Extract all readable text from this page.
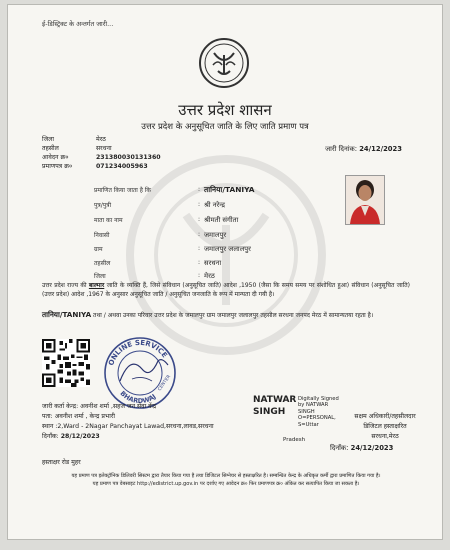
ई-डिस्ट्रिक्ट के अन्तर्गत जारी...
उत्तर प्रदेश शासन
उत्तर प्रदेश के अनुसूचित जाति के लिए जाति प्रमाण पत्र
जिला	मेरठ
तहसील	सरधना
आवेदन क्र०	231380030131360
प्रमाणपत्र क्र०	071234005963
जारी दिनांक: 24/12/2023
प्रमाणित किया जाता है कि	: तानिया/TANIYA
पुत्र/पुत्री	: श्री नरेन्द्र
माता का नाम	: श्रीमती संगीता
निवासी	: जमालपुर
ग्राम	: जमालपुर जलालपुर
तहसील	: सरधना
जिला	: मेरठ
उत्तर प्रदेश राज्य की बाल्मार जाति के व्यक्ति हैं, जिसे संविधान (अनुसूचित जाति) आदेश ,1950 (जैसा कि समय समय पर संशोधित हुआ) संविधान (अनुसूचित जाति) (उत्तर प्रदेश) आदेश ,1967 के अनुसार अनुसूचित जाति / अनुसूचित जनजाति के रूप में मान्यता दी गयी है।
तानिया/TANIYA तथा / अथवा उनका परिवार उत्तर प्रदेश के जमालपुर ग्राम जमालपुर जलालपुर तहसील सरधना जनपद मेरठ में सामान्यतया रहता है।
ONLINE SERVICE
BHARDWAJ
CENTER
जारी कर्ता केन्द्र: अवनीश शर्मा ,सहज जन सेवा केंद्र
पता: अवनीश शर्मा , केन्द्र प्रभारी
स्थान :2,Ward - 2Nagar Panchayat Lawad,सरधना,लावड,सरधना
दिनाँक: 28/12/2023
NATWAR
SINGH
Digitally Signed by NATWAR SINGH O=PERSONAL, S=Uttar
Pradesh
सक्षम अधिकारी/तहसीलदार
डिजिटल हस्ताक्षरित
सरधना,मेरठ
दिनाँक: 24/12/2023
हस्ताक्षर रोड मुहर
यह प्रमाण पत्र इलेक्ट्रॉनिक डिलिवरी सिस्टम द्वारा तैयार किया गया है तथा डिजिटल सिग्नेचर से हस्ताक्षरित है। सम्बन्धित केन्द्र के अधिकृत कर्मी द्वारा प्रमाणित किया गया है।
यह प्रमाण पत्र वेबसाइट http://edistrict.up.gov.in पर दर्शाए गए आवेदन क्र० फिर प्रमाणपत्र क्र० अंकित कर सत्यापित किया जा सकता है।
